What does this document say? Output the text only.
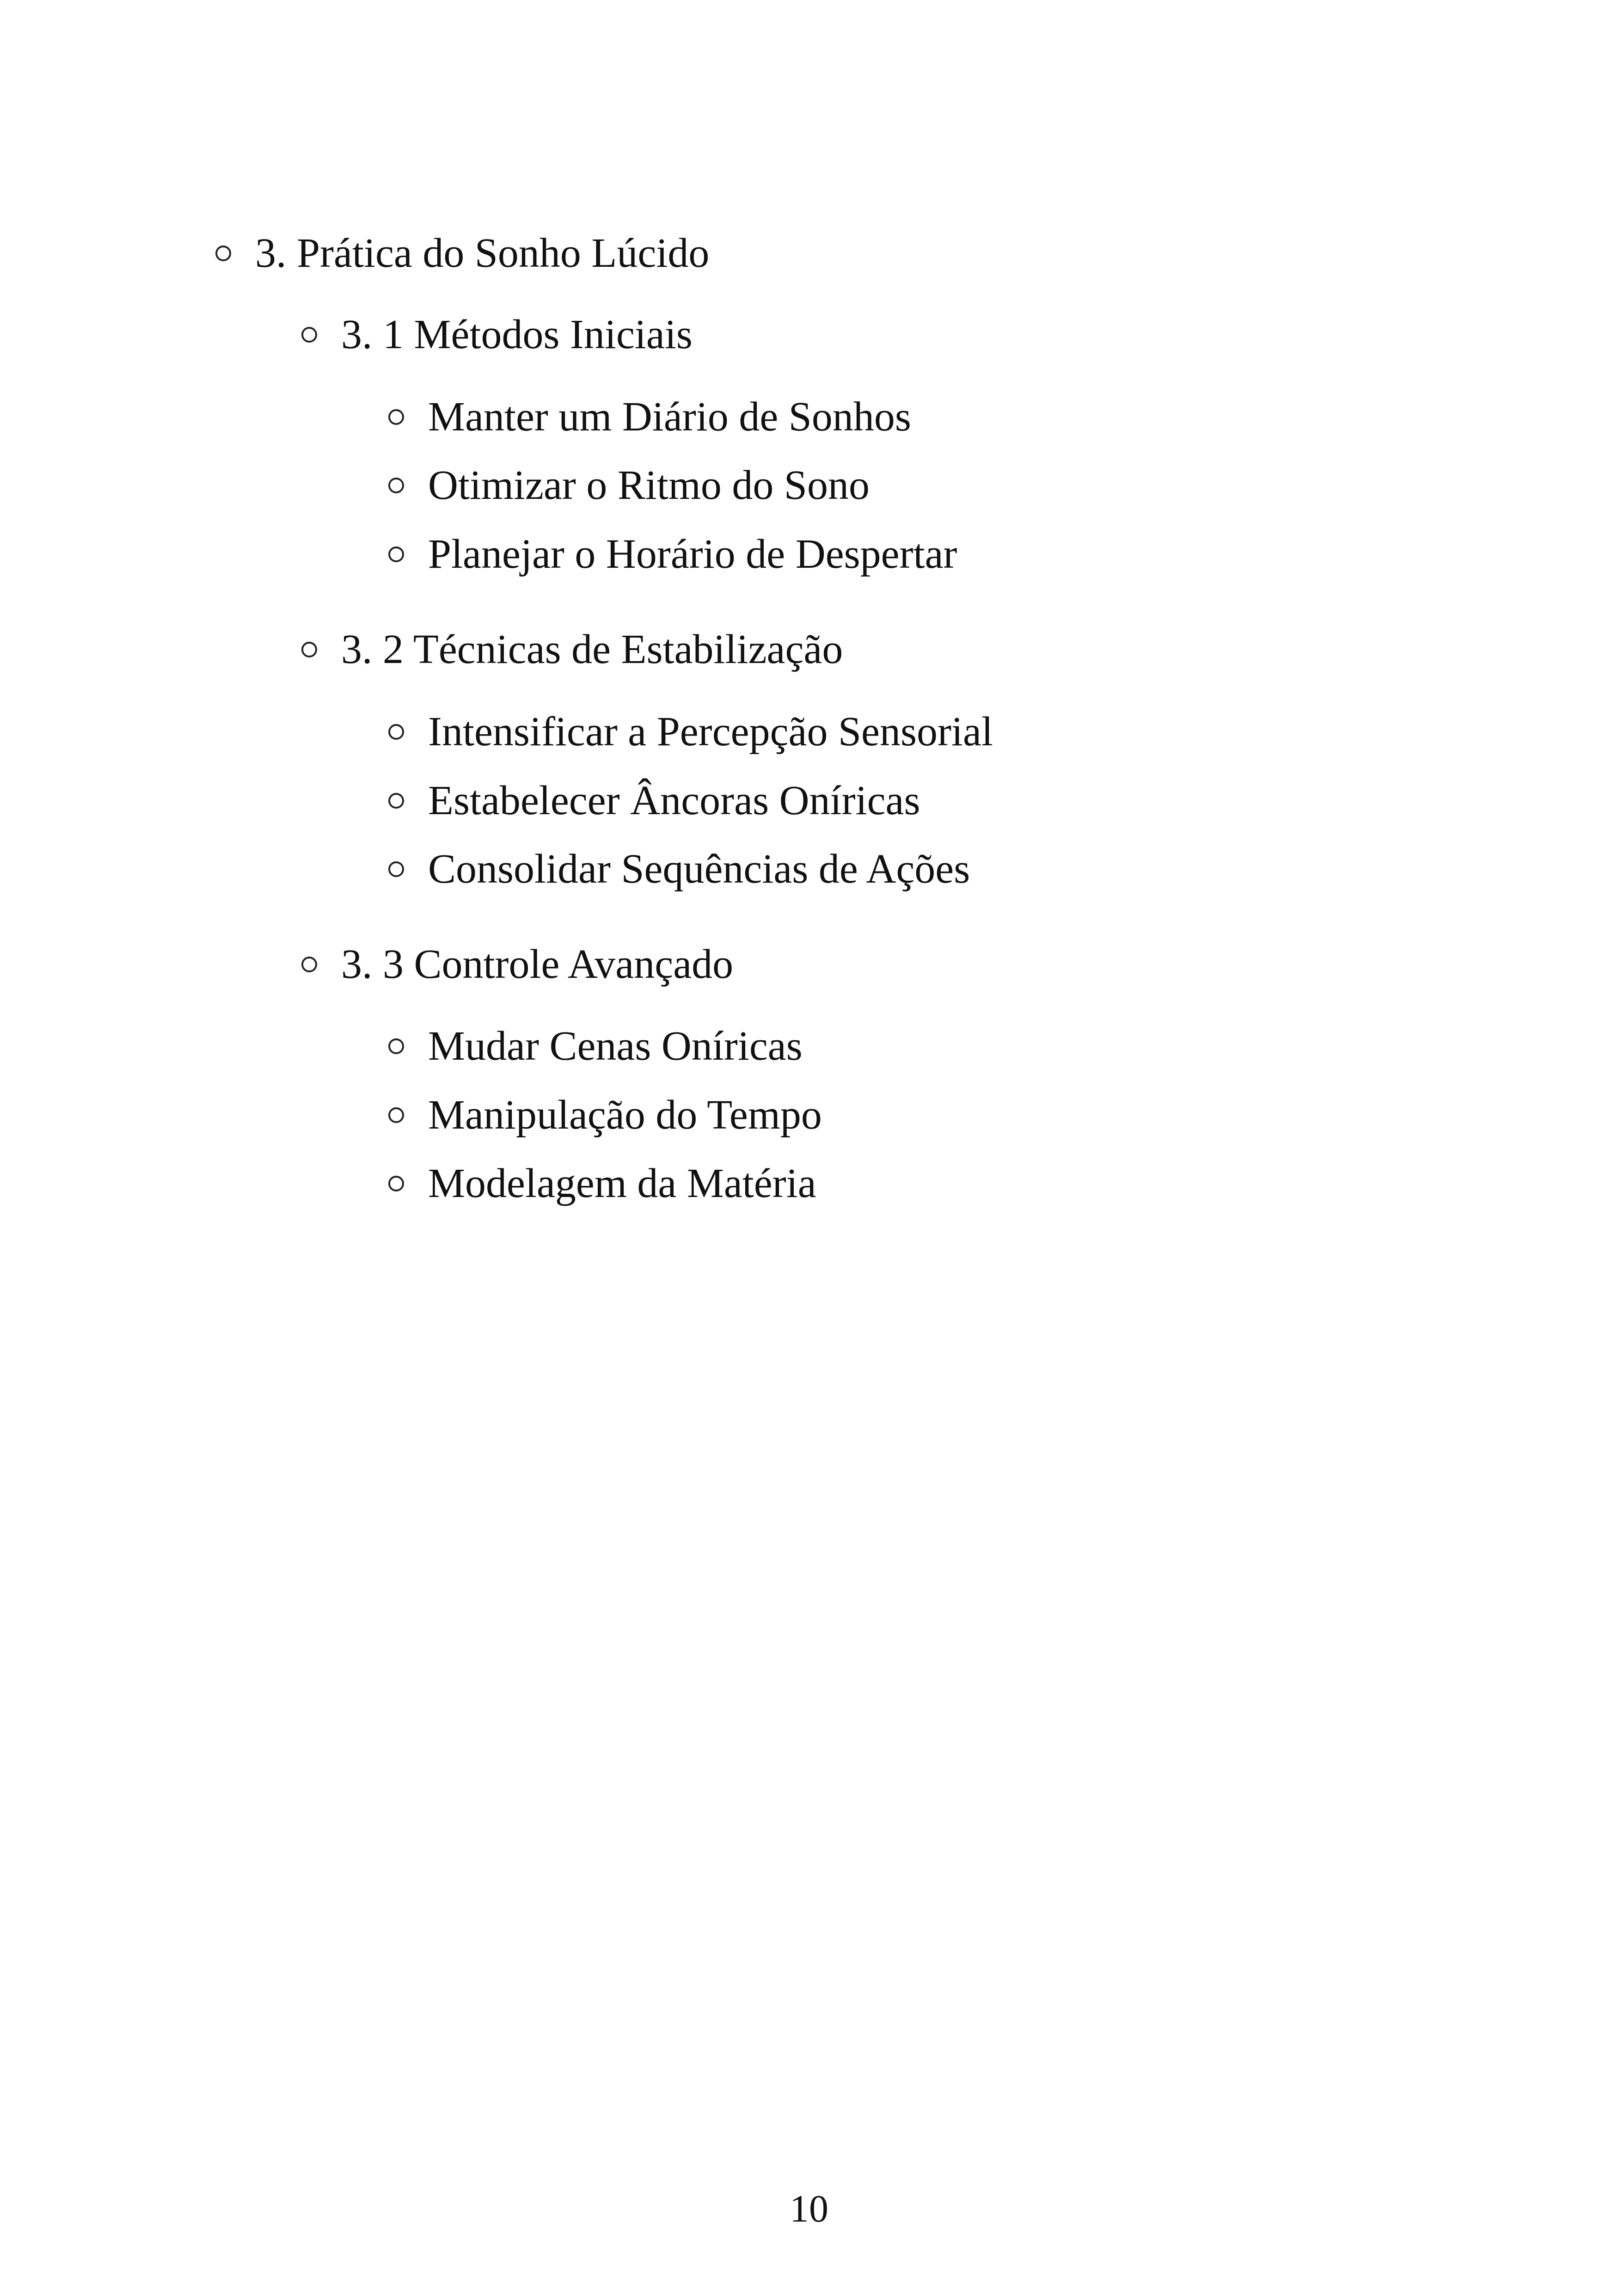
3. Prática do Sonho Lúcido
3. 1 Métodos Iniciais
Manter um Diário de Sonhos
Otimizar o Ritmo do Sono
Planejar o Horário de Despertar
3. 2 Técnicas de Estabilização
Intensificar a Percepção Sensorial
Estabelecer Âncoras Oníricas
Consolidar Sequências de Ações
3. 3 Controle Avançado
Mudar Cenas Oníricas
Manipulação do Tempo
Modelagem da Matéria
10
